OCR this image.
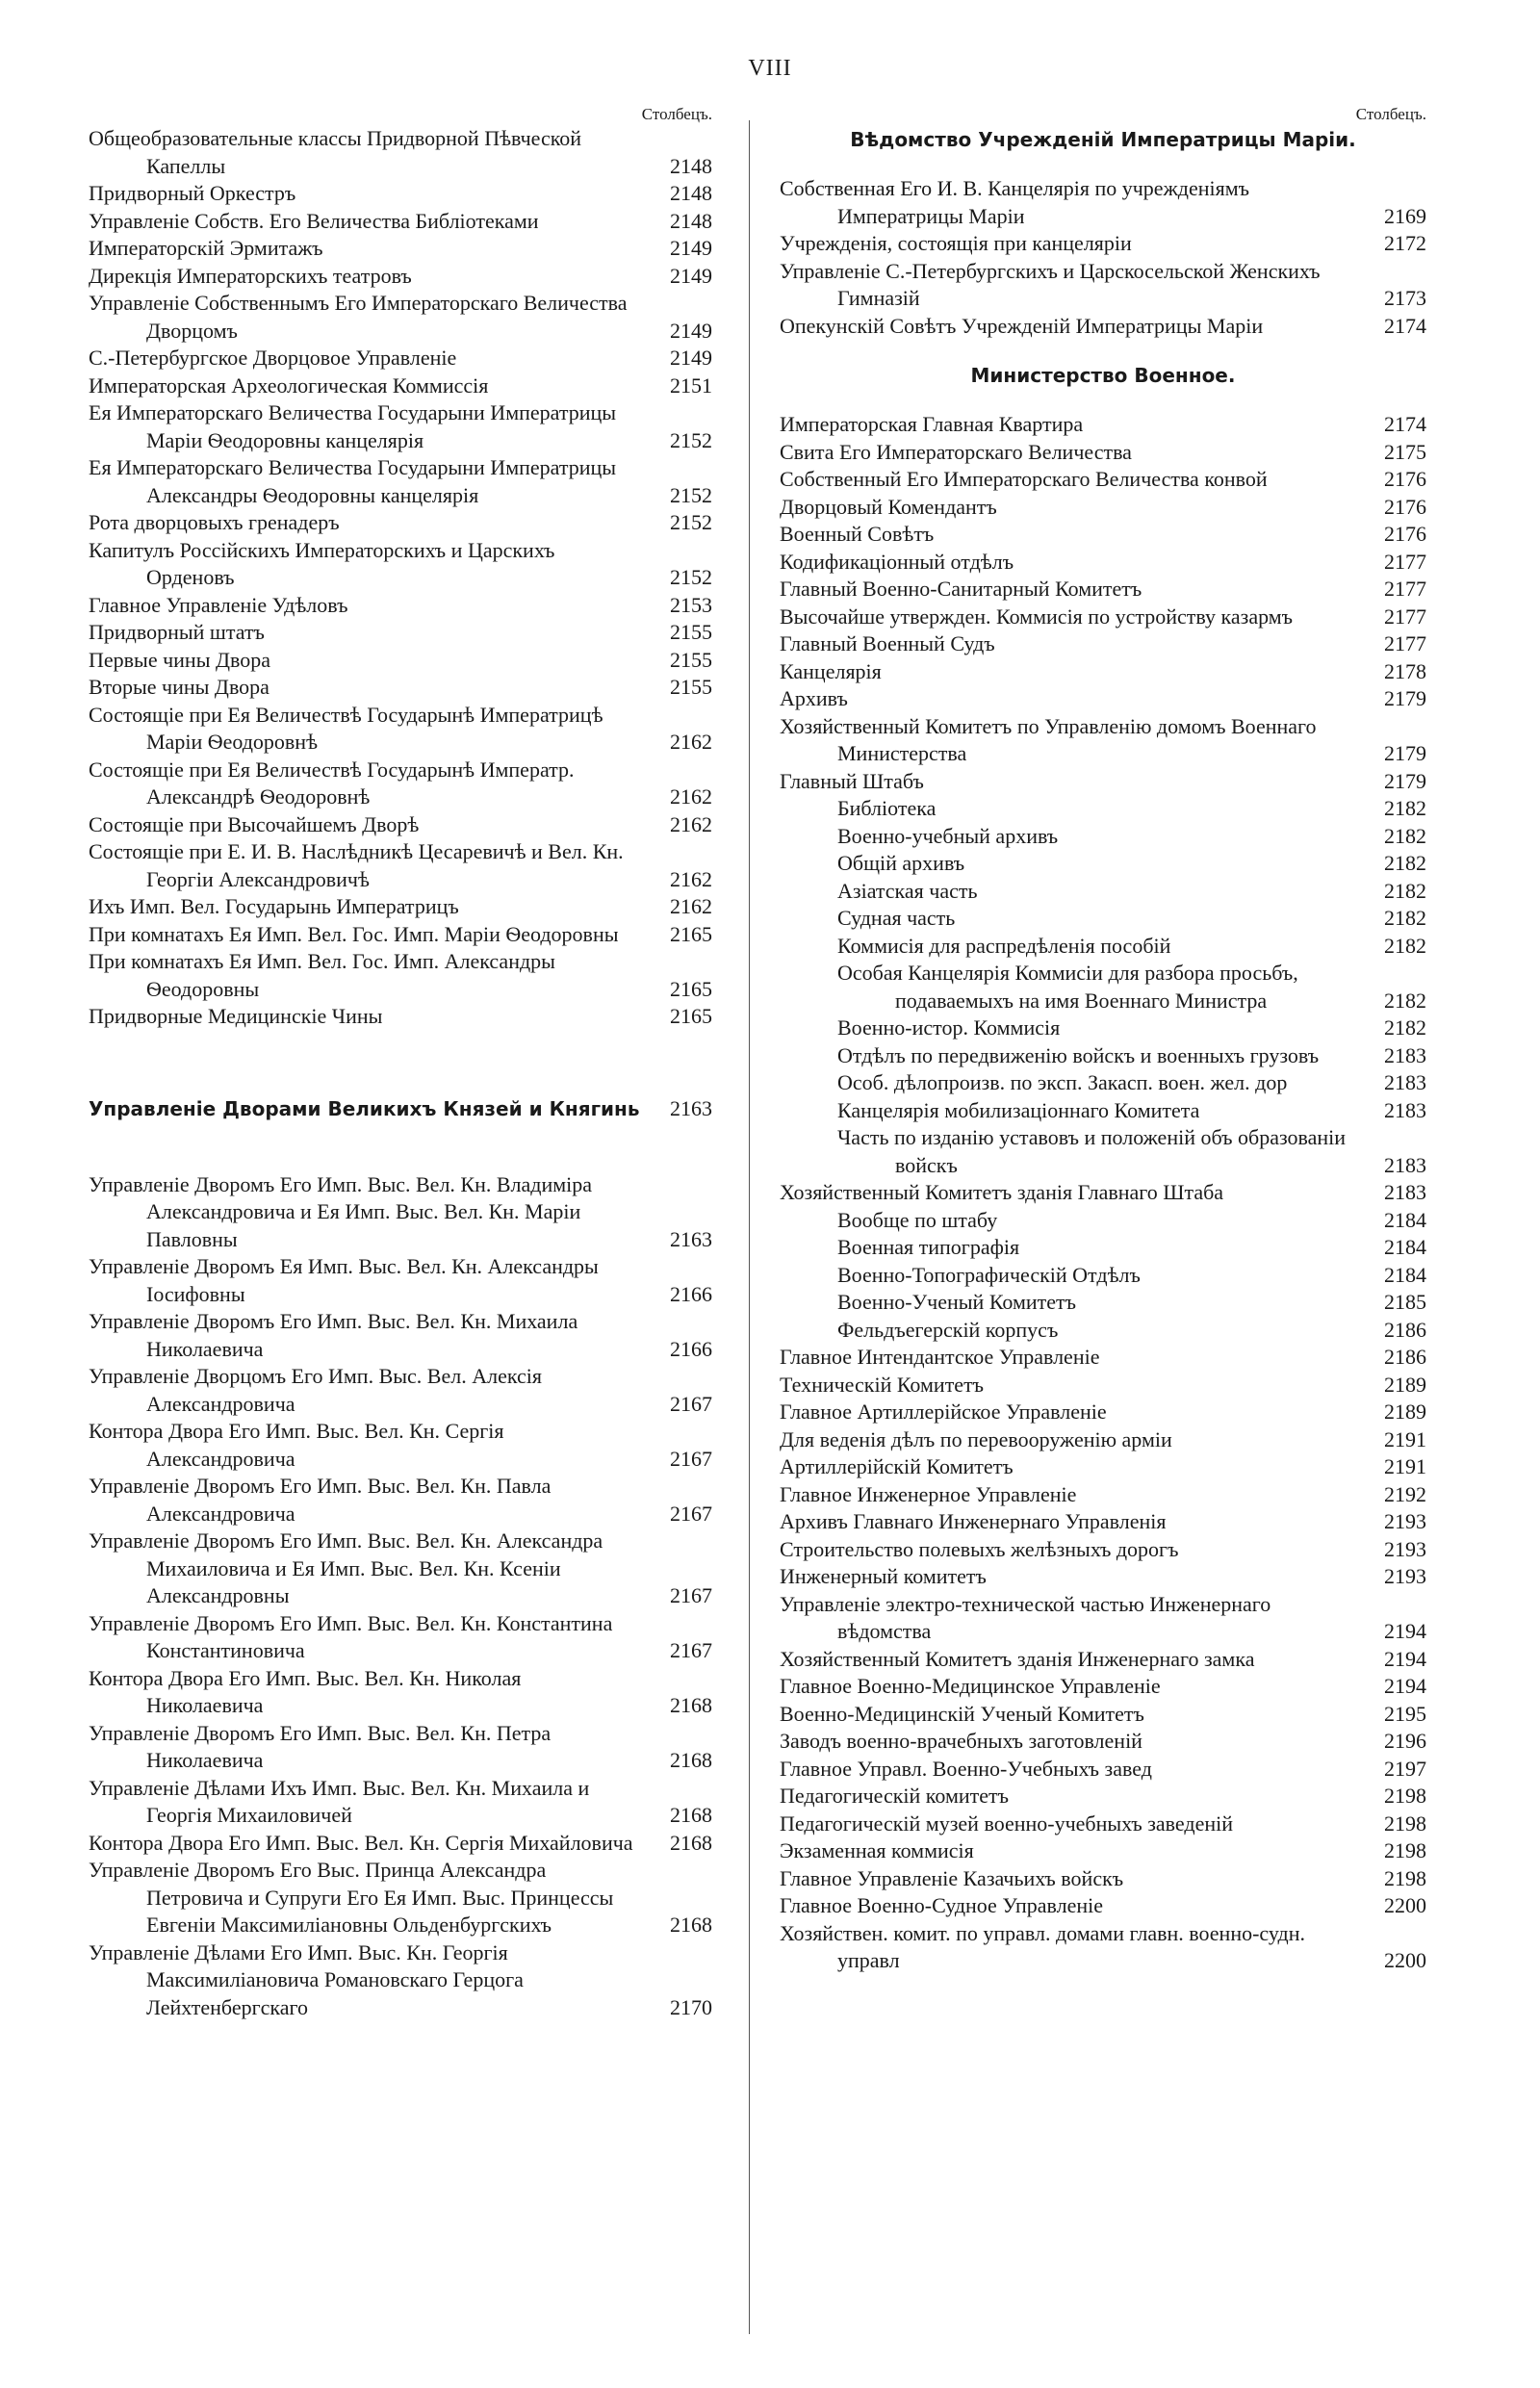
VIII
Столбецъ.
Общеобразовательные классы Придворной Пѣвческой Капеллы	2148
Придворный Оркестръ	2148
Управленіе Собств. Его Величества Библіотеками	2148
Императорскій Эрмитажъ	2149
Дирекція Императорскихъ театровъ	2149
Управленіе Собственнымъ Его Императорскаго Величества Дворцомъ	2149
С.-Петербургское Дворцовое Управленіе	2149
Императорская Археологическая Коммиссія	2151
Ея Императорскаго Величества Государыни Императрицы Маріи Ѳеодоровны канцелярія	2152
Ея Императорскаго Величества Государыни Императрицы Александры Ѳеодоровны канцелярія	2152
Рота дворцовыхъ гренадеръ	2152
Капитулъ Россійскихъ Императорскихъ и Царскихъ Орденовъ	2152
Главное Управленіе Удѣловъ	2153
Придворный штатъ	2155
Первые чины Двора	2155
Вторые чины Двора	2155
Состоящіе при Ея Величествѣ Государынѣ Императрицѣ Маріи Ѳеодоровнѣ	2162
Состоящіе при Ея Величествѣ Государынѣ Императр. Александрѣ Ѳеодоровнѣ	2162
Состоящіе при Высочайшемъ Дворѣ	2162
Состоящіе при Е. И. В. Наслѣдникѣ Цесаревичѣ и Вел. Кн. Георгіи Александровичѣ	2162
Ихъ Имп. Вел. Государынь Императрицъ	2162
При комнатахъ Ея Имп. Вел. Гос. Имп. Маріи Ѳеодоровны	2165
При комнатахъ Ея Имп. Вел. Гос. Имп. Александры Ѳеодоровны	2165
Придворные Медицинскіе Чины	2165
Управленіе Дворами Великихъ Князей и Княгинь 2163
Управленіе Дворомъ Его Имп. Выс. Вел. Кн. Владиміра Александровича и Ея Имп. Выс. Вел. Кн. Маріи Павловны	2163
Управленіе Дворомъ Ея Имп. Выс. Вел. Кн. Александры Іосифовны	2166
Управленіе Дворомъ Его Имп. Выс. Вел. Кн. Михаила Николаевича	2166
Управленіе Дворцомъ Его Имп. Выс. Вел. Алексія Александровича	2167
Контора Двора Его Имп. Выс. Вел. Кн. Сергія Александровича	2167
Управленіе Дворомъ Его Имп. Выс. Вел. Кн. Павла Александровича	2167
Управленіе Дворомъ Его Имп. Выс. Вел. Кн. Александра Михаиловича и Ея Имп. Выс. Вел. Кн. Ксеніи Александровны	2167
Управленіе Дворомъ Его Имп. Выс. Вел. Кн. Константина Константиновича	2167
Контора Двора Его Имп. Выс. Вел. Кн. Николая Николаевича	2168
Управленіе Дворомъ Его Имп. Выс. Вел. Кн. Петра Николаевича	2168
Управленіе Дѣлами Ихъ Имп. Выс. Вел. Кн. Михаила и Георгія Михаиловичей	2168
Контора Двора Его Имп. Выс. Вел. Кн. Сергія Михайловича	2168
Управленіе Дворомъ Его Выс. Принца Александра Петровича и Супруги Его Ея Имп. Выс. Принцессы Евгеніи Максимиліановны Ольденбургскихъ	2168
Управленіе Дѣлами Его Имп. Выс. Кн. Георгія Максимиліановича Романовскаго Герцога Лейхтенбергскаго	2170
Столбецъ.
Вѣдомство Учрежденій Императрицы Маріи.
Собственная Его И. В. Канцелярія по учрежденіямъ Императрицы Маріи	2169
Учрежденія, состоящія при канцеляріи	2172
Управленіе С.-Петербургскихъ и Царскосельской Женскихъ Гимназій	2173
Опекунскій Совѣтъ Учрежденій Императрицы Маріи	2174
Министерство Военное.
Императорская Главная Квартира	2174
Свита Его Императорскаго Величества	2175
Собственный Его Императорскаго Величества конвой	2176
Дворцовый Комендантъ	2176
Военный Совѣтъ	2176
Кодификаціонный отдѣлъ	2177
Главный Военно-Санитарный Комитетъ	2177
Высочайше утвержден. Коммисія по устройству казармъ	2177
Главный Военный Судъ	2177
Канцелярія	2178
Архивъ	2179
Хозяйственный Комитетъ по Управленію домомъ Военнаго Министерства	2179
Главный Штабъ	2179
Библіотека	2182
Военно-учебный архивъ	2182
Общій архивъ	2182
Азіатская часть	2182
Судная часть	2182
Коммисія для распредѣленія пособій	2182
Особая Канцелярія Коммисіи для разбора просьбъ, подаваемыхъ на имя Военнаго Министра	2182
Военно-истор. Коммисія	2182
Отдѣлъ по передвиженію войскъ и военныхъ грузовъ	2183
Особ. дѣлопроизв. по эксп. Закасп. воен. жел. дор	2183
Канцелярія мобилизаціоннаго Комитета	2183
Часть по изданію уставовъ и положеній объ образованіи войскъ	2183
Хозяйственный Комитетъ зданія Главнаго Штаба	2183
Вообще по штабу	2184
Военная типографія	2184
Военно-Топографическій Отдѣлъ	2184
Военно-Ученый Комитетъ	2185
Фельдъегерскій корпусъ	2186
Главное Интендантское Управленіе	2186
Техническій Комитетъ	2189
Главное Артиллерійское Управленіе	2189
Для веденія дѣлъ по перевооруженію арміи	2191
Артиллерійскій Комитетъ	2191
Главное Инженерное Управленіе	2192
Архивъ Главнаго Инженернаго Управленія	2193
Строительство полевыхъ желѣзныхъ дорогъ	2193
Инженерный комитетъ	2193
Управленіе электро-технической частью Инженернаго вѣдомства	2194
Хозяйственный Комитетъ зданія Инженернаго замка	2194
Главное Военно-Медицинское Управленіе	2194
Военно-Медицинскій Ученый Комитетъ	2195
Заводъ военно-врачебныхъ заготовленій	2196
Главное Управл. Военно-Учебныхъ завед	2197
Педагогическій комитетъ	2198
Педагогическій музей военно-учебныхъ заведеній	2198
Экзаменная коммисія	2198
Главное Управленіе Казачьихъ войскъ	2198
Главное Военно-Судное Управленіе	2200
Хозяйствен. комит. по управл. домами главн. военно-судн. управл	2200
